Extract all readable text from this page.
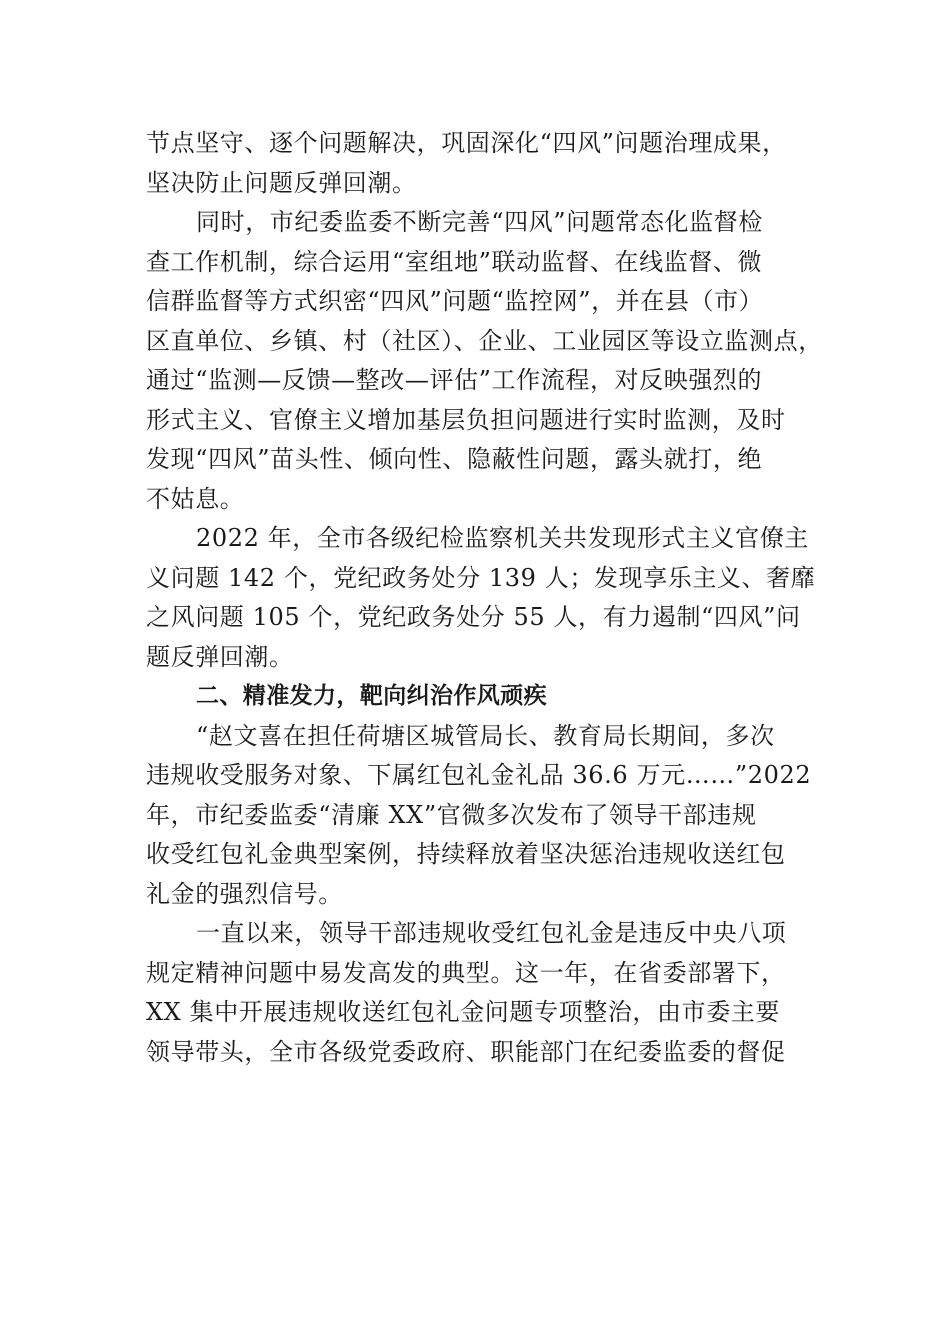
节点坚守、逐个问题解决，巩固深化“四风”问题治理成果，
坚决防止问题反弹回潮。

同时，市纪委监委不断完善“四风”问题常态化监督检
查工作机制，综合运用“室组地”联动监督、在线监督、微
信群监督等方式织密“四风”问题“监控网”，并在县（市）
区直单位、乡镇、村（社区）、企业、工业园区等设立监测点，
通过“监测—反馈—整改—评估”工作流程，对反映强烈的
形式主义、官僚主义增加基层负担问题进行实时监测，及时
发现“四风”苗头性、倾向性、隐蔽性问题，露头就打，绝
不姑息。

2022 年，全市各级纪检监察机关共发现形式主义官僚主
义问题 142 个，党纪政务处分 139 人；发现享乐主义、奢靡
之风问题 105 个，党纪政务处分 55 人，有力遏制“四风”问
题反弹回潮。

二、精准发力，靶向纠治作风顽疾

“赵文喜在担任荷塘区城管局长、教育局长期间，多次
违规收受服务对象、下属红包礼金礼品 36.6 万元……”2022
年，市纪委监委“清廉 XX”官微多次发布了领导干部违规
收受红包礼金典型案例，持续释放着坚决惩治违规收送红包
礼金的强烈信号。

一直以来，领导干部违规收受红包礼金是违反中央八项
规定精神问题中易发高发的典型。这一年，在省委部署下，
XX 集中开展违规收送红包礼金问题专项整治，由市委主要
领导带头，全市各级党委政府、职能部门在纪委监委的督促
